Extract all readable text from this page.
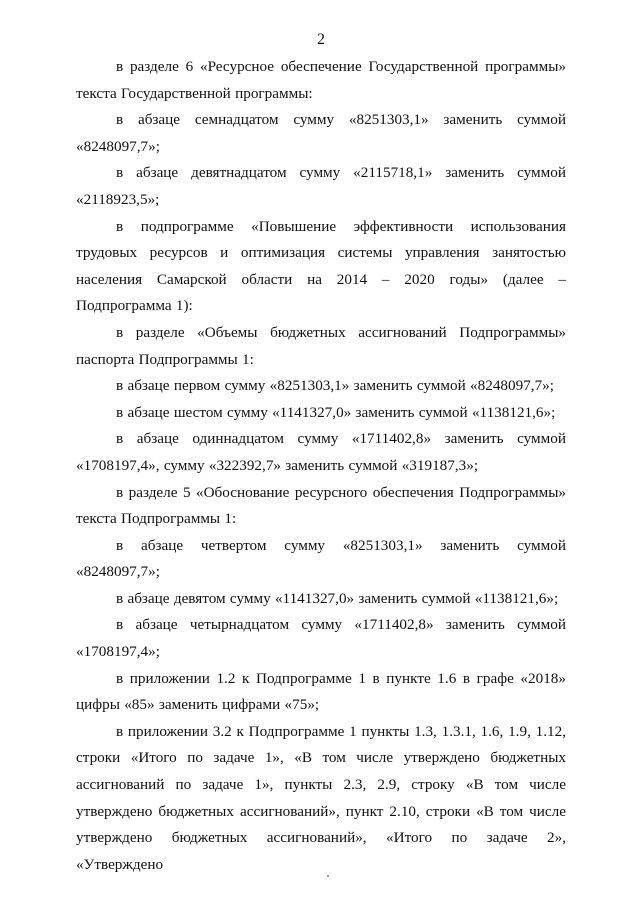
2

в разделе 6 «Ресурсное обеспечение Государственной программы» текста Государственной программы:

в абзаце семнадцатом сумму «8251303,1» заменить суммой «8248097,7»;

в абзаце девятнадцатом сумму «2115718,1» заменить суммой «2118923,5»;

в подпрограмме «Повышение эффективности использования трудовых ресурсов и оптимизация системы управления занятостью населения Самарской области на 2014 – 2020 годы» (далее – Подпрограмма 1):

в разделе «Объемы бюджетных ассигнований Подпрограммы» паспорта Подпрограммы 1:

в абзаце первом сумму «8251303,1» заменить суммой «8248097,7»;

в абзаце шестом сумму «1141327,0» заменить суммой «1138121,6»;

в абзаце одиннадцатом сумму «1711402,8» заменить суммой «1708197,4», сумму «322392,7» заменить суммой «319187,3»;

в разделе 5 «Обоснование ресурсного обеспечения Подпрограммы» текста Подпрограммы 1:

в абзаце четвертом сумму «8251303,1» заменить суммой «8248097,7»;

в абзаце девятом сумму «1141327,0» заменить суммой «1138121,6»;

в абзаце четырнадцатом сумму «1711402,8» заменить суммой «1708197,4»;

в приложении 1.2 к Подпрограмме 1 в пункте 1.6 в графе «2018» цифры «85» заменить цифрами «75»;

в приложении 3.2 к Подпрограмме 1 пункты 1.3, 1.3.1, 1.6, 1.9, 1.12, строки «Итого по задаче 1», «В том числе утверждено бюджетных ассигнований по задаче 1», пункты 2.3, 2.9, строку «В том числе утверждено бюджетных ассигнований», пункт 2.10, строки «В том числе утверждено бюджетных ассигнований», «Итого по задаче 2», «Утверждено
